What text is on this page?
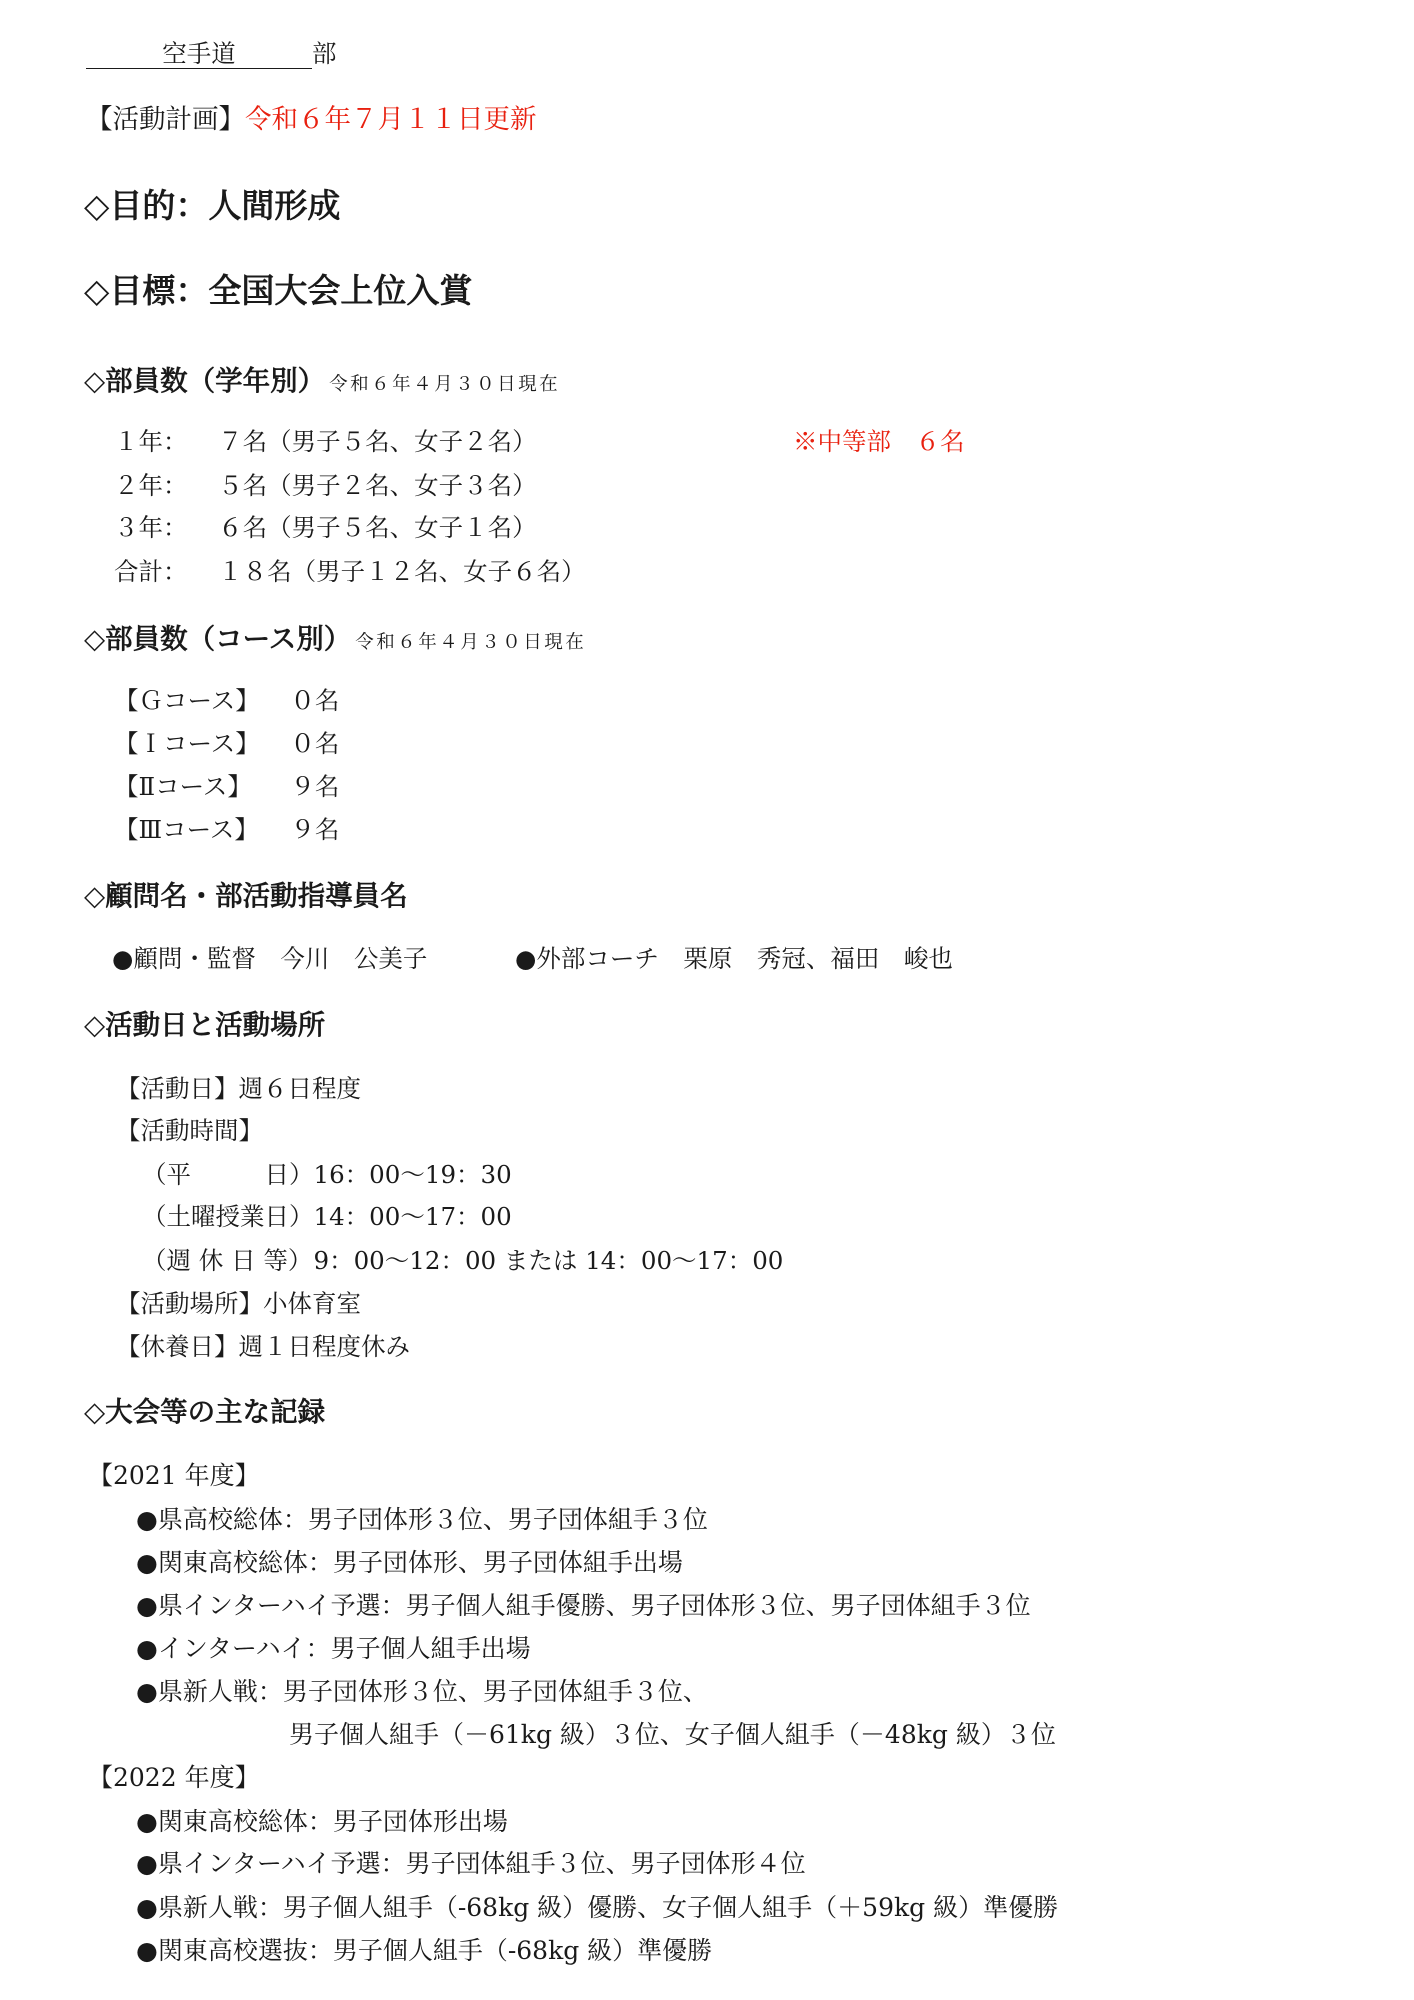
空手道	部
【活動計画】令和６年７月１１日更新
◇目的：人間形成
◇目標：全国大会上位入賞
◇部員数（学年別） 令和６年４月３０日現在
１年： ７名（男子５名、女子２名）	※中等部　６名
２年： ５名（男子２名、女子３名）
３年： ６名（男子５名、女子１名）
合計： １８名（男子１２名、女子６名）
◇部員数（コース別） 令和６年４月３０日現在
【Ｇコース】 ０名
【Ｉコース】 ０名
【Ⅱコース】 ９名
【Ⅲコース】 ９名
◇顧問名・部活動指導員名
●顧問・監督　今川　公美子	●外部コーチ　栗原　秀冠、福田　峻也
◇活動日と活動場所
【活動日】週６日程度
【活動時間】
（平　　　日）16：00～19：30
（土曜授業日）14：00～17：00
（週 休 日 等）9：00～12：00 または 14：00～17：00
【活動場所】小体育室
【休養日】週１日程度休み
◇大会等の主な記録
【2021 年度】
●県高校総体：男子団体形３位、男子団体組手３位
●関東高校総体：男子団体形、男子団体組手出場
●県インターハイ予選：男子個人組手優勝、男子団体形３位、男子団体組手３位
●インターハイ：男子個人組手出場
●県新人戦：男子団体形３位、男子団体組手３位、
男子個人組手（－61kg 級）３位、女子個人組手（－48kg 級）３位
【2022 年度】
●関東高校総体：男子団体形出場
●県インターハイ予選：男子団体組手３位、男子団体形４位
●県新人戦：男子個人組手（-68kg 級）優勝、女子個人組手（＋59kg 級）準優勝
●関東高校選抜：男子個人組手（-68kg 級）準優勝
